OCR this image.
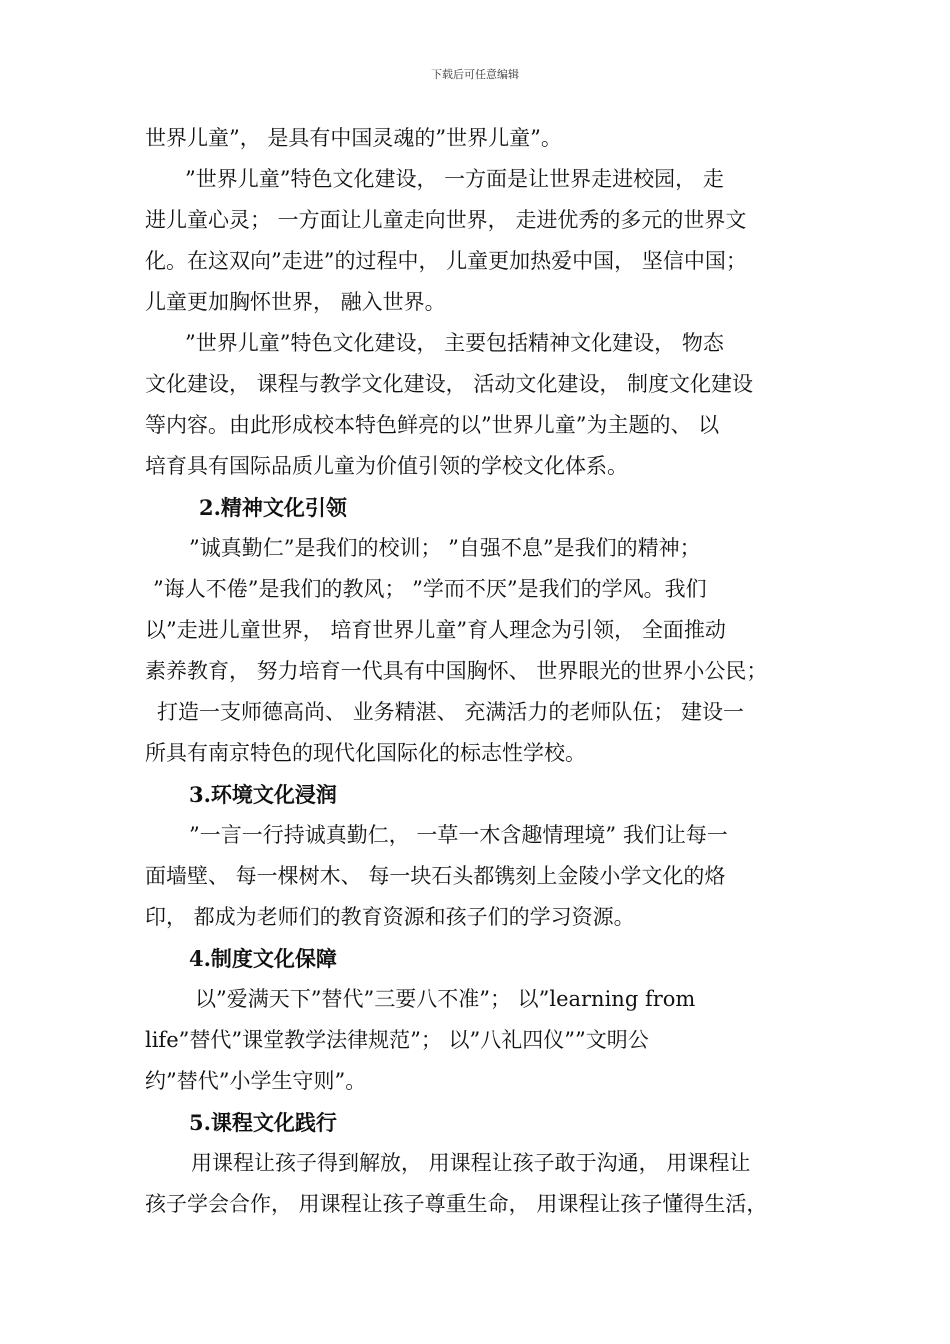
下载后可任意编辑
世界儿童”， 是具有中国灵魂的”世界儿童”。
”世界儿童”特色文化建设， 一方面是让世界走进校园， 走
进儿童心灵； 一方面让儿童走向世界， 走进优秀的多元的世界文
化。在这双向”走进”的过程中， 儿童更加热爱中国， 坚信中国；
儿童更加胸怀世界， 融入世界。
”世界儿童”特色文化建设， 主要包括精神文化建设， 物态
文化建设， 课程与教学文化建设， 活动文化建设， 制度文化建设
等内容。由此形成校本特色鲜亮的以”世界儿童”为主题的、 以
培育具有国际品质儿童为价值引领的学校文化体系。
2.精神文化引领
”诚真勤仁”是我们的校训； ”自强不息”是我们的精神；
”诲人不倦”是我们的教风； ”学而不厌”是我们的学风。我们
以”走进儿童世界， 培育世界儿童”育人理念为引领， 全面推动
素养教育， 努力培育一代具有中国胸怀、 世界眼光的世界小公民；
打造一支师德高尚、 业务精湛、 充满活力的老师队伍； 建设一
所具有南京特色的现代化国际化的标志性学校。
3.环境文化浸润
”一言一行持诚真勤仁， 一草一木含趣情理境” 我们让每一
面墙壁、 每一棵树木、 每一块石头都镌刻上金陵小学文化的烙
印， 都成为老师们的教育资源和孩子们的学习资源。
4.制度文化保障
以”爱满天下”替代”三要八不准”； 以”learning from
life”替代”课堂教学法律规范”； 以”八礼四仪””文明公
约”替代”小学生守则”。
5.课程文化践行
用课程让孩子得到解放， 用课程让孩子敢于沟通， 用课程让
孩子学会合作， 用课程让孩子尊重生命， 用课程让孩子懂得生活，
